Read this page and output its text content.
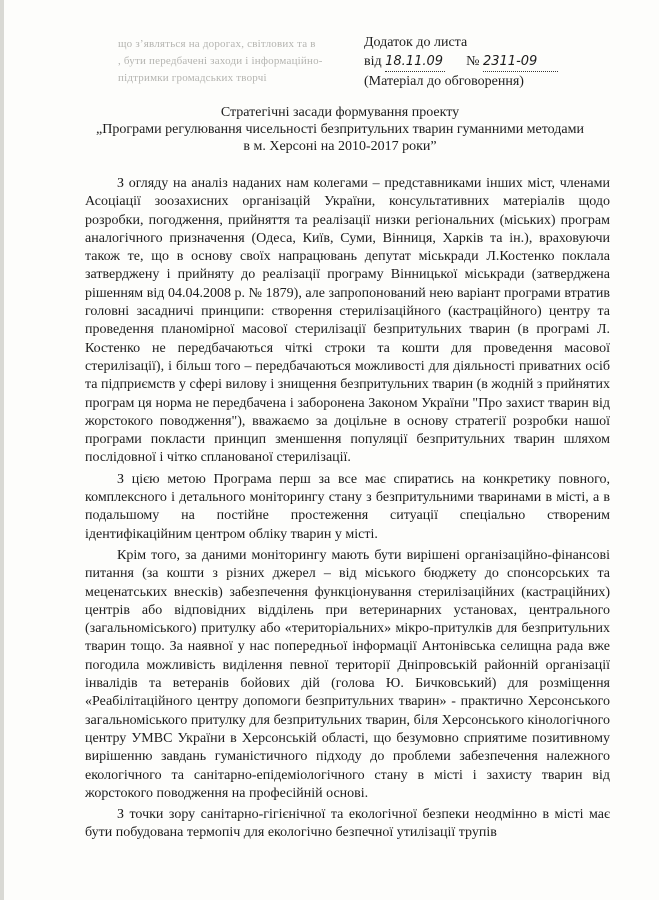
що з’являться на дорогах, світлових та в
, бути передбачені заходи і інформаційно-
підтримки громадських творчі
Додаток до листа
від 18.11.09 № 2311-09
(Матеріал до обговорення)
Стратегічні засади формування проекту
„Програми регулювання чисельності безпритульних тварин гуманними методами
в м. Херсоні на 2010-2017 роки”

З огляду на аналіз наданих нам колегами – представниками інших міст, членами Асоціації зоозахисних організацій України, консультативних матеріалів щодо розробки, погодження, прийняття та реалізації низки регіональних (міських) програм аналогічного призначення (Одеса, Київ, Суми, Вінниця, Харків та ін.), враховуючи також те, що в основу своїх напрацювань депутат міськради Л.Костенко поклала затверджену і прийняту до реалізації програму Вінницької міськради (затверджена рішенням від 04.04.2008 р. № 1879), але запропонований нею варіант програми втратив головні засадничі принципи: створення стерилізаційного (кастраційного) центру та проведення планомірної масової стерилізації безпритульних тварин (в програмі Л. Костенко не передбачаються чіткі строки та кошти для проведення масової стерилізації), і більш того – передбачаються можливості для діяльності приватних осіб та підприємств у сфері вилову і знищення безпритульних тварин (в жодній з прийнятих програм ця норма не передбачена і заборонена Законом України "Про захист тварин від жорстокого поводження"), вважаємо за доцільне в основу стратегії розробки нашої програми покласти принцип зменшення популяції безпритульних тварин шляхом послідовної і чітко спланованої стерилізації.

З цією метою Програма перш за все має спиратись на конкретику повного, комплексного і детального моніторингу стану з безпритульними тваринами в місті, а в подальшому на постійне простеження ситуації спеціально створеним ідентифікаційним центром обліку тварин у місті.

Крім того, за даними моніторингу мають бути вирішені організаційно-фінансові питання (за кошти з різних джерел – від міського бюджету до спонсорських та меценатських внесків) забезпечення функціонування стерилізаційних (кастраційних) центрів або відповідних відділень при ветеринарних установах, центрального (загальноміського) притулку або «територіальних» мікро-притулків для безпритульних тварин тощо. За наявної у нас попередньої інформації Антонівська селищна рада вже погодила можливість виділення певної території Дніпровській районній організації інвалідів та ветеранів бойових дій (голова Ю. Бичковський) для розміщення «Реабілітаційного центру допомоги безпритульних тварин» - практично Херсонського загальноміського притулку для безпритульних тварин, біля Херсонського кінологічного центру УМВС України в Херсонській області, що безумовно сприятиме позитивному вирішенню завдань гуманістичного підходу до проблеми забезпечення належного екологічного та санітарно-епідеміологічного стану в місті і захисту тварин від жорстокого поводження на професійній основі.

З точки зору санітарно-гігієнічної та екологічної безпеки неодмінно в місті має бути побудована термопіч для екологічно безпечної утилізації трупів
